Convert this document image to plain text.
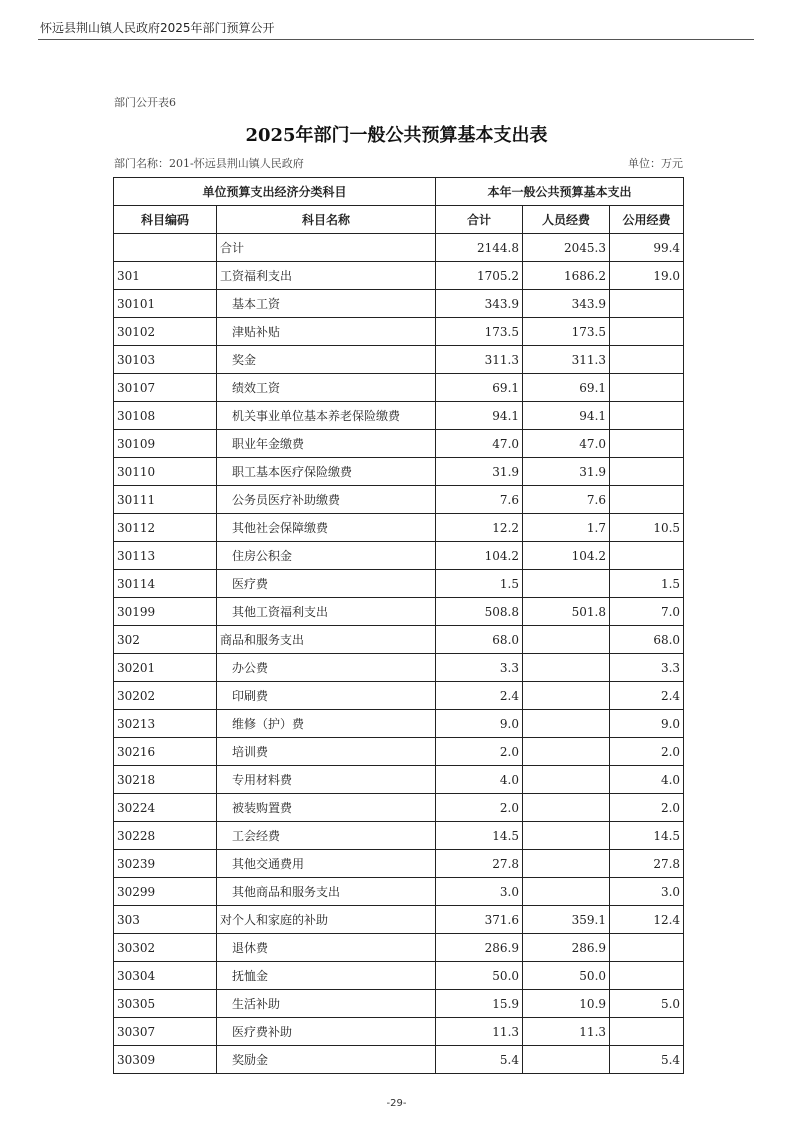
怀远县荆山镇人民政府2025年部门预算公开
部门公开表6
2025年部门一般公共预算基本支出表
部门名称：201-怀远县荆山镇人民政府	单位：万元
单位预算支出经济分类科目		本年一般公共预算基本支出		
科目编码	科目名称	合计	人员经费	公用经费
	合计	2144.8	2045.3	99.4
301	工资福利支出	1705.2	1686.2	19.0
30101	基本工资	343.9	343.9	
30102	津贴补贴	173.5	173.5	
30103	奖金	311.3	311.3	
30107	绩效工资	69.1	69.1	
30108	机关事业单位基本养老保险缴费	94.1	94.1	
30109	职业年金缴费	47.0	47.0	
30110	职工基本医疗保险缴费	31.9	31.9	
30111	公务员医疗补助缴费	7.6	7.6	
30112	其他社会保障缴费	12.2	1.7	10.5
30113	住房公积金	104.2	104.2	
30114	医疗费	1.5		1.5
30199	其他工资福利支出	508.8	501.8	7.0
302	商品和服务支出	68.0		68.0
30201	办公费	3.3		3.3
30202	印刷费	2.4		2.4
30213	维修（护）费	9.0		9.0
30216	培训费	2.0		2.0
30218	专用材料费	4.0		4.0
30224	被装购置费	2.0		2.0
30228	工会经费	14.5		14.5
30239	其他交通费用	27.8		27.8
30299	其他商品和服务支出	3.0		3.0
303	对个人和家庭的补助	371.6	359.1	12.4
30302	退休费	286.9	286.9	
30304	抚恤金	50.0	50.0	
30305	生活补助	15.9	10.9	5.0
30307	医疗费补助	11.3	11.3	
30309	奖励金	5.4		5.4
-29-
